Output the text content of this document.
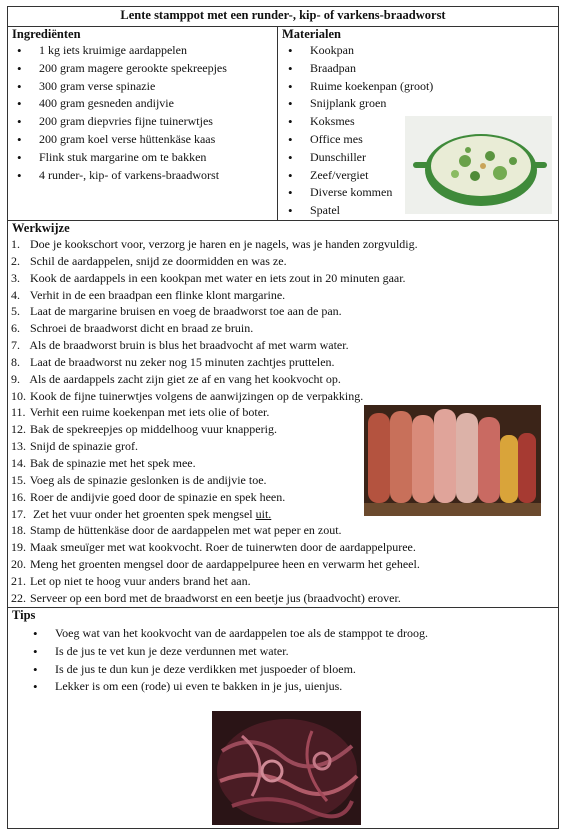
Lente stamppot met een runder-, kip- of varkens-braadworst
Ingrediënten
• 1 kg iets kruimige aardappelen
• 200 gram magere gerookte spekreepjes
• 300 gram verse spinazie
• 400 gram gesneden andijvie
• 200 gram diepvries fijne tuinerwtjes
• 200 gram koel verse hüttenkäse kaas
• Flink stuk margarine om te bakken
• 4 runder-, kip- of varkens-braadworst
Materialen
• Kookpan
• Braadpan
• Ruime koekenpan (groot)
• Snijplank groen
• Koksmes
• Office mes
• Dunschiller
• Zeef/vergiet
• Diverse kommen
• Spatel
Werkwijze
1. Doe je kookschort voor, verzorg je haren en je nagels, was je handen zorgvuldig.
2. Schil de aardappelen, snijd ze doormidden en was ze.
3. Kook de aardappels in een kookpan met water en iets zout in 20 minuten gaar.
4. Verhit in de een braadpan een flinke klont margarine.
5. Laat de margarine bruisen en voeg de braadworst toe aan de pan.
6. Schroei de braadworst dicht en braad ze bruin.
7. Als de braadworst bruin is blus het braadvocht af met warm water.
8. Laat de braadworst nu zeker nog 15 minuten zachtjes pruttelen.
9. Als de aardappels zacht zijn giet ze af en vang het kookvocht op.
10. Kook de fijne tuinerwtjes volgens de aanwijzingen op de verpakking.
11. Verhit een ruime koekenpan met iets olie of boter.
12. Bak de spekreepjes op middelhoog vuur knapperig.
13. Snijd de spinazie grof.
14. Bak de spinazie met het spek mee.
15. Voeg als de spinazie geslonken is de andijvie toe.
16. Roer de andijvie goed door de spinazie en spek heen.
17.  Zet het vuur onder het groenten spek mengsel uit.
18. Stamp de hüttenkäse door de aardappelen met wat peper en zout.
19. Maak smeuïger met wat kookvocht. Roer de tuinerwten door de aardappelpuree.
20. Meng het groenten mengsel door de aardappelpuree heen en verwarm het geheel.
21. Let op niet te hoog vuur anders brand het aan.
22. Serveer op een bord met de braadworst en een beetje jus (braadvocht) erover.
Tips
• Voeg wat van het kookvocht van de aardappelen toe als de stamppot te droog.
• Is de jus te vet kun je deze verdunnen met water.
• Is de jus te dun kun je deze verdikken met juspoeder of bloem.
• Lekker is om een (rode) ui even te bakken in je jus, uienjus.
